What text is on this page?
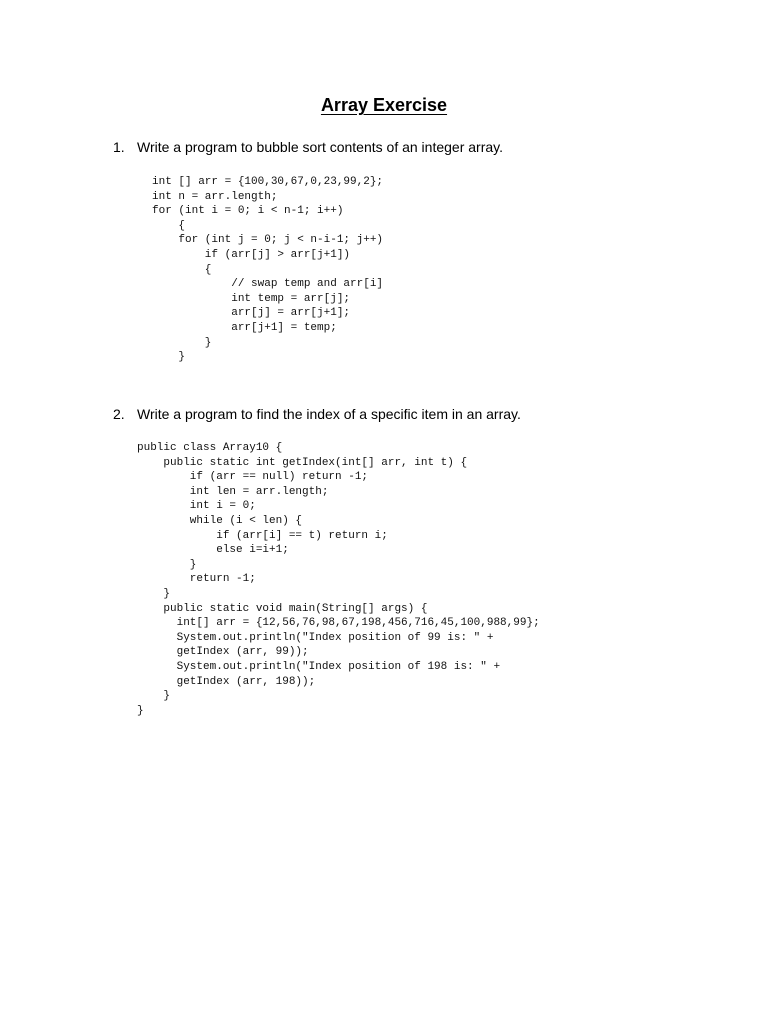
Array Exercise
1. Write a program to bubble sort contents of an integer array.
int [] arr = {100,30,67,0,23,99,2};
int n = arr.length;
for (int i = 0; i < n-1; i++)
{
for (int j = 0; j < n-i-1; j++)
if (arr[j] > arr[j+1])
{
// swap temp and arr[i]
int temp = arr[j];
arr[j] = arr[j+1];
arr[j+1] = temp;
}
}
2. Write a program to find the index of a specific item in an array.
public class Array10 {
public static int getIndex(int[] arr, int t) {
if (arr == null) return -1;
int len = arr.length;
int i = 0;
while (i < len) {
if (arr[i] == t) return i;
else i=i+1;
}
return -1;
}
public static void main(String[] args) {
int[] arr = {12,56,76,98,67,198,456,716,45,100,988,99};
System.out.println("Index position of 99 is: " +
getIndex (arr, 99));
System.out.println("Index position of 198 is: " +
getIndex (arr, 198));
}
}
